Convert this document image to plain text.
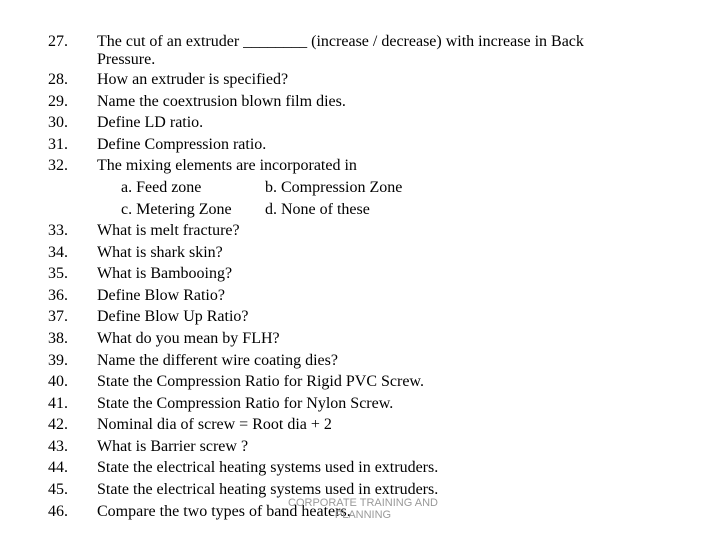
27.	The cut of an extruder ________ (increase / decrease) with increase in Back
Pressure.
28.	How an extruder is specified?
29.	Name the coextrusion blown film dies.
30.	Define LD ratio.
31.	Define Compression ratio.
32.	The mixing elements are incorporated in
a. Feed zone	b. Compression Zone
c. Metering Zone d. None of these
33.	What is melt fracture?
34.	What is shark skin?
35.	What is Bambooing?
36.	Define Blow Ratio?
37.	Define Blow Up Ratio?
38.	What do you mean by FLH?
39.	Name the different wire coating dies?
40.	State the Compression Ratio for Rigid PVC Screw.
41.	State the Compression Ratio for Nylon Screw.
42.	Nominal dia of screw = Root dia + 2
43.	What is Barrier screw ?
44.	State the electrical heating systems used in extruders.
45.	State the electrical heating systems used in extruders.
46.	Compare the two types of band heaters.
CORPORATE TRAINING AND PLANNING
